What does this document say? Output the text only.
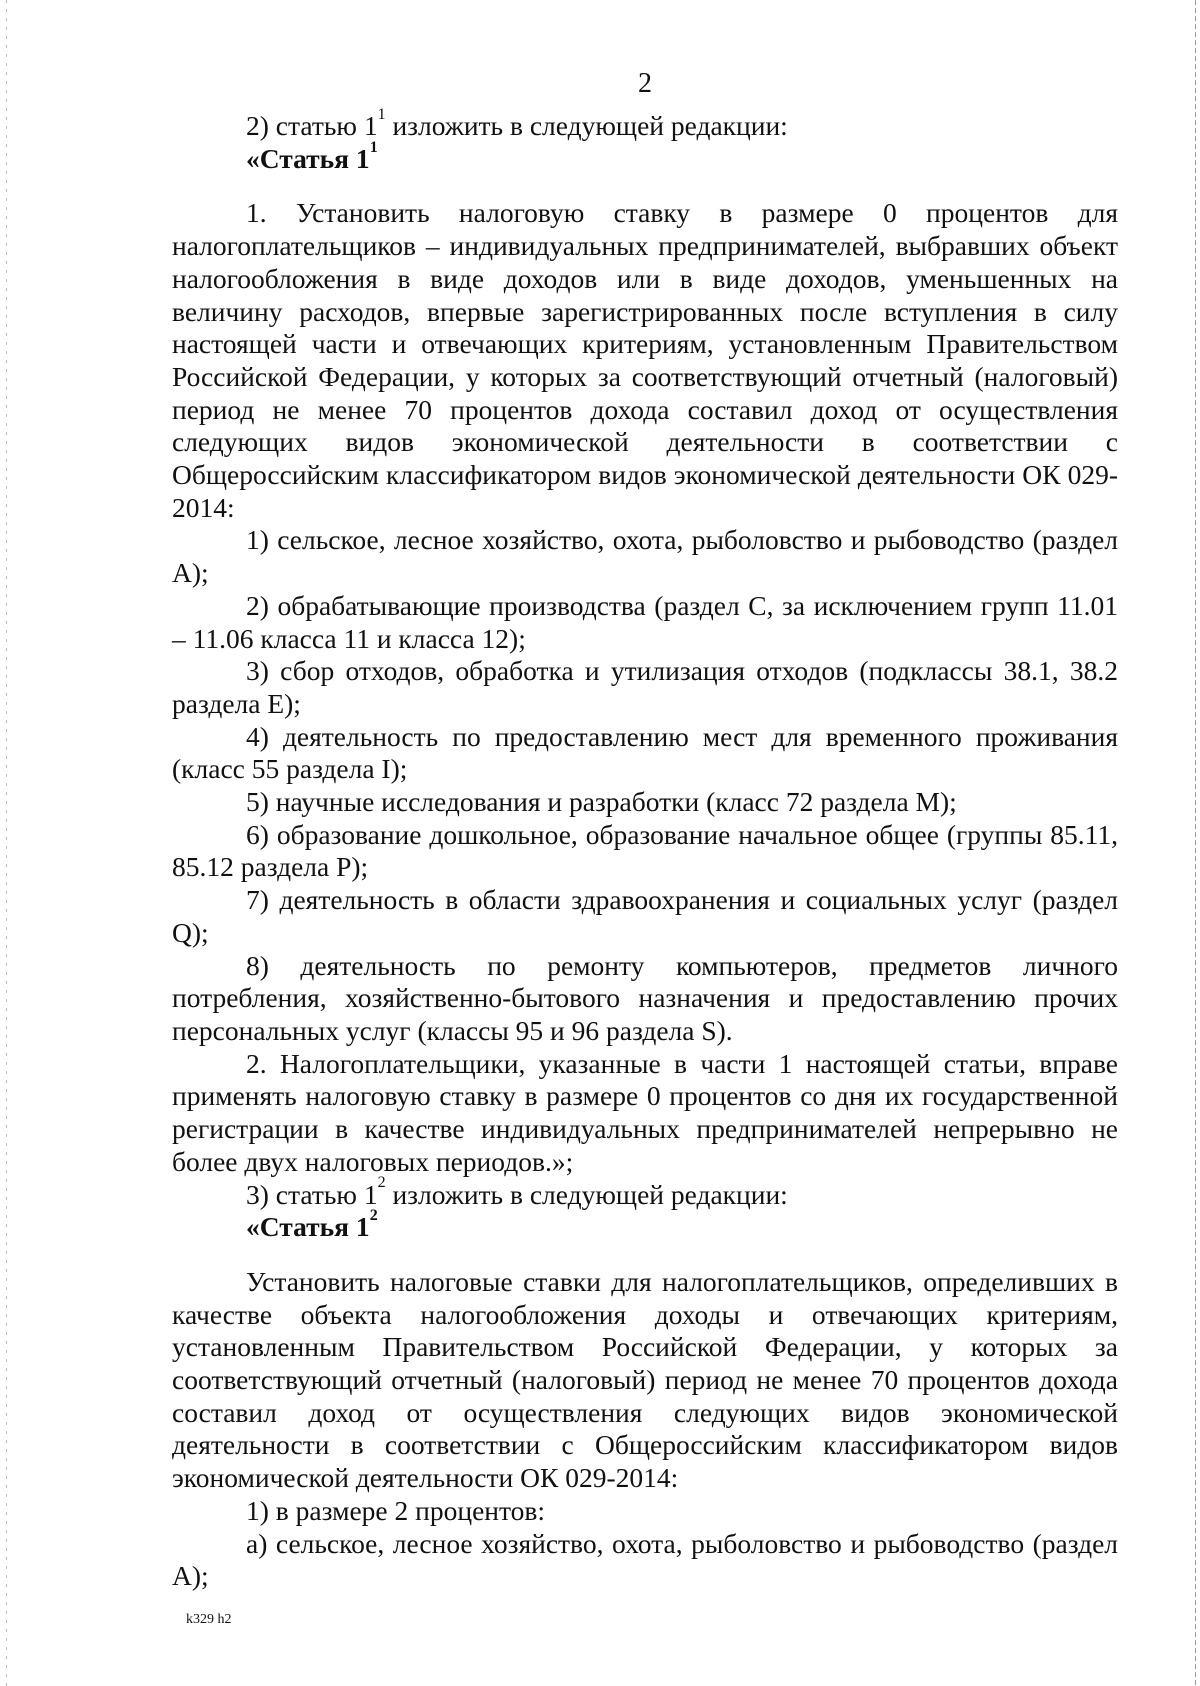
2

2) статью $1^1$ изложить в следующей редакции:

«Статья $1^1$

1. Установить налоговую ставку в размере 0 процентов для налогоплательщиков – индивидуальных предпринимателей, выбравших объект налогообложения в виде доходов или в виде доходов, уменьшенных на величину расходов, впервые зарегистрированных после вступления в силу настоящей части и отвечающих критериям, установленным Правительством Российской Федерации, у которых за соответствующий отчетный (налоговый) период не менее 70 процентов дохода составил доход от осуществления следующих видов экономической деятельности в соответствии с Общероссийским классификатором видов экономической деятельности ОК 029-2014:

1) сельское, лесное хозяйство, охота, рыболовство и рыбоводство (раздел A);

2) обрабатывающие производства (раздел C, за исключением групп 11.01 – 11.06 класса 11 и класса 12);

3) сбор отходов, обработка и утилизация отходов (подклассы 38.1, 38.2 раздела E);

4) деятельность по предоставлению мест для временного проживания (класс 55 раздела I);

5) научные исследования и разработки (класс 72 раздела M);

6) образование дошкольное, образование начальное общее (группы 85.11, 85.12 раздела P);

7) деятельность в области здравоохранения и социальных услуг (раздел Q);

8) деятельность по ремонту компьютеров, предметов личного потребления, хозяйственно-бытового назначения и предоставлению прочих персональных услуг (классы 95 и 96 раздела S).

2. Налогоплательщики, указанные в части 1 настоящей статьи, вправе применять налоговую ставку в размере 0 процентов со дня их государственной регистрации в качестве индивидуальных предпринимателей непрерывно не более двух налоговых периодов.»;

3) статью $1^2$ изложить в следующей редакции:

«Статья $1^2$

Установить налоговые ставки для налогоплательщиков, определивших в качестве объекта налогообложения доходы и отвечающих критериям, установленным Правительством Российской Федерации, у которых за соответствующий отчетный (налоговый) период не менее 70 процентов дохода составил доход от осуществления следующих видов экономической деятельности в соответствии с Общероссийским классификатором видов экономической деятельности ОК 029-2014:

1) в размере 2 процентов:

а) сельское, лесное хозяйство, охота, рыболовство и рыбоводство (раздел A);

k329 h2
